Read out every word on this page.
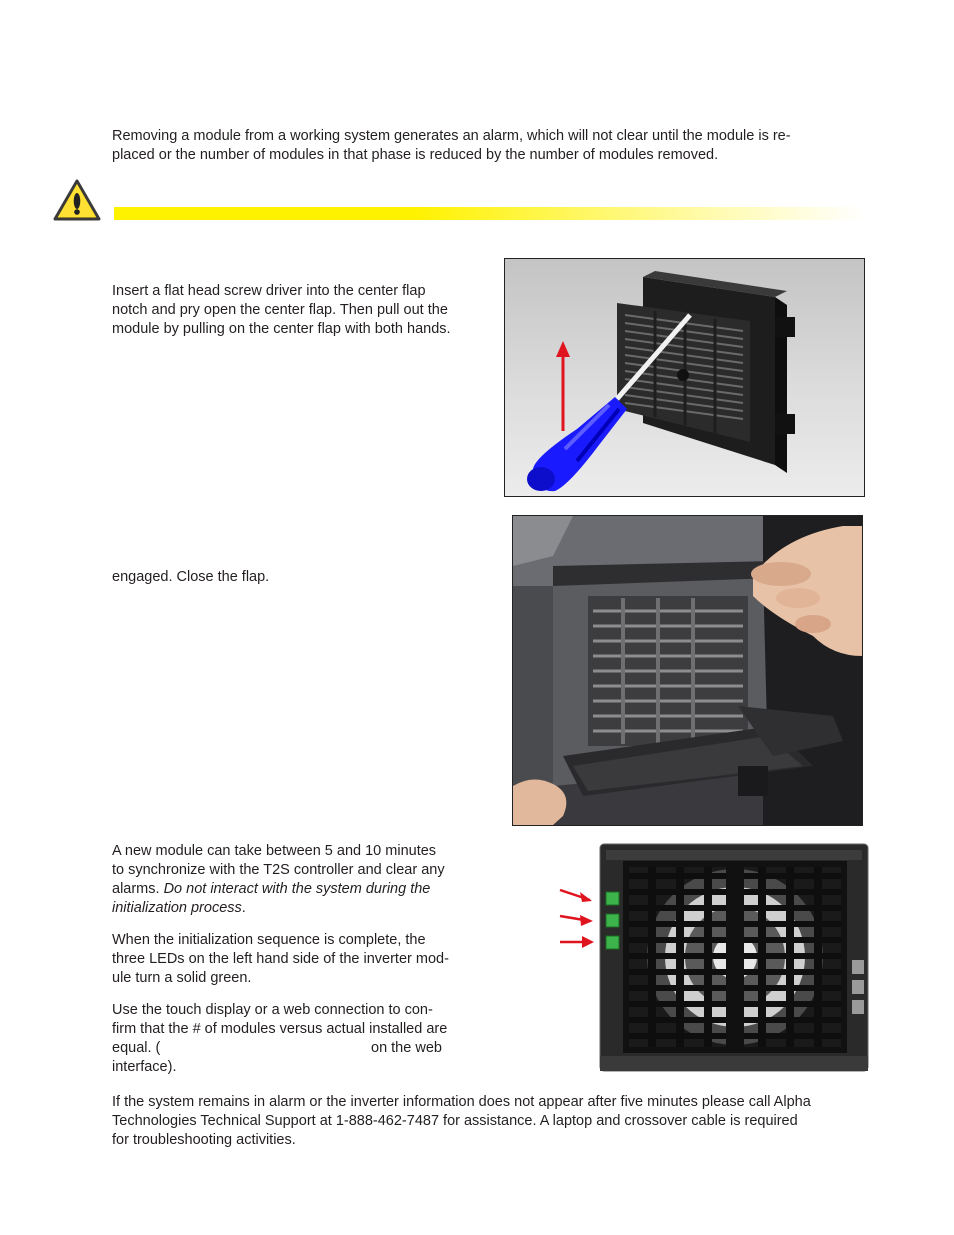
Removing a module from a working system generates an alarm, which will not clear until the module is re-
placed or the number of modules in that phase is reduced by the number of modules removed.
Insert a flat head screw driver into the center flap
notch and pry open the center flap. Then pull out the
module by pulling on the center flap with both hands.

engaged. Close the flap.

A new module can take between 5 and 10 minutes
to synchronize with the T2S controller and clear any
alarms. Do not interact with the system during the
initialization process.
When the initialization sequence is complete, the
three LEDs on the left hand side of the inverter mod-
ule turn a solid green.
Use the touch display or a web connection to con-
firm that the # of modules versus actual installed are
equal. (	on the web
interface).
If the system remains in alarm or the inverter information does not appear after five minutes please call Alpha
Technologies Technical Support at 1-888-462-7487 for assistance. A laptop and crossover cable is required
for troubleshooting activities.
